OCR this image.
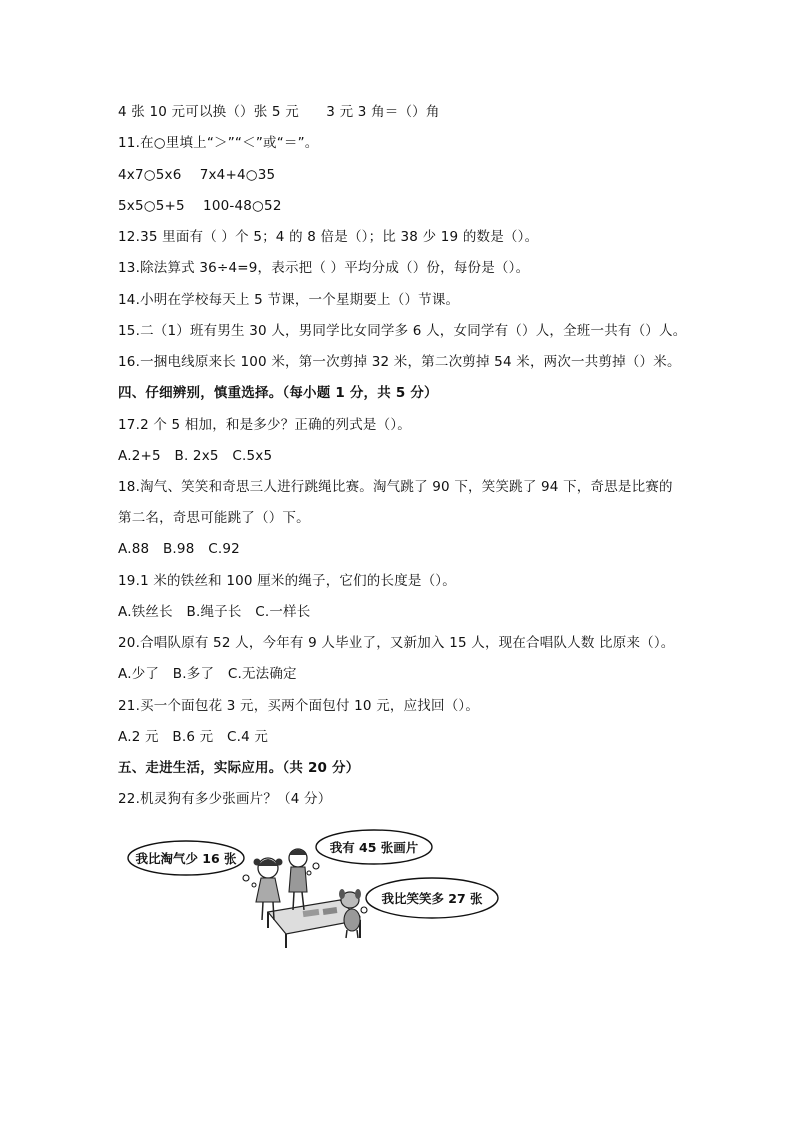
4 张 10 元可以换（）张 5 元　　3 元 3 角＝（）角
11.在○里填上“＞”“＜”或“＝”。
4x7○5x6　 7x4+4○35
5x5○5+5　 100-48○52
12.35 里面有（ ）个 5；4 的 8 倍是（）；比 38 少 19 的数是（）。
13.除法算式 36÷4=9，表示把（ ）平均分成（）份，每份是（）。
14.小明在学校每天上 5 节课，一个星期要上（）节课。
15.二（1）班有男生 30 人，男同学比女同学多 6 人，女同学有（）人，全班一共有（）人。
16.一捆电线原来长 100 米，第一次剪掉 32 米，第二次剪掉 54 米，两次一共剪掉（）米。
四、仔细辨别，慎重选择。（每小题 1 分，共 5 分）
17.2 个 5 相加，和是多少？正确的列式是（）。
A.2+5　B. 2x5　C.5x5
18.淘气、笑笑和奇思三人进行跳绳比赛。淘气跳了 90 下，笑笑跳了 94 下，奇思是比赛的
第二名，奇思可能跳了（）下。
A.88　B.98　C.92
19.1 米的铁丝和 100 厘米的绳子，它们的长度是（）。
A.铁丝长　B.绳子长　C.一样长
20.合唱队原有 52 人，今年有 9 人毕业了，又新加入 15 人，现在合唱队人数 比原来（）。
A.少了　B.多了　C.无法确定
21.买一个面包花 3 元，买两个面包付 10 元，应找回（）。
A.2 元　B.6 元　C.4 元
五、走进生活，实际应用。（共 20 分）
22.机灵狗有多少张画片？（4 分）
我比淘气少 16 张
我有 45 张画片
我比笑笑多 27 张
